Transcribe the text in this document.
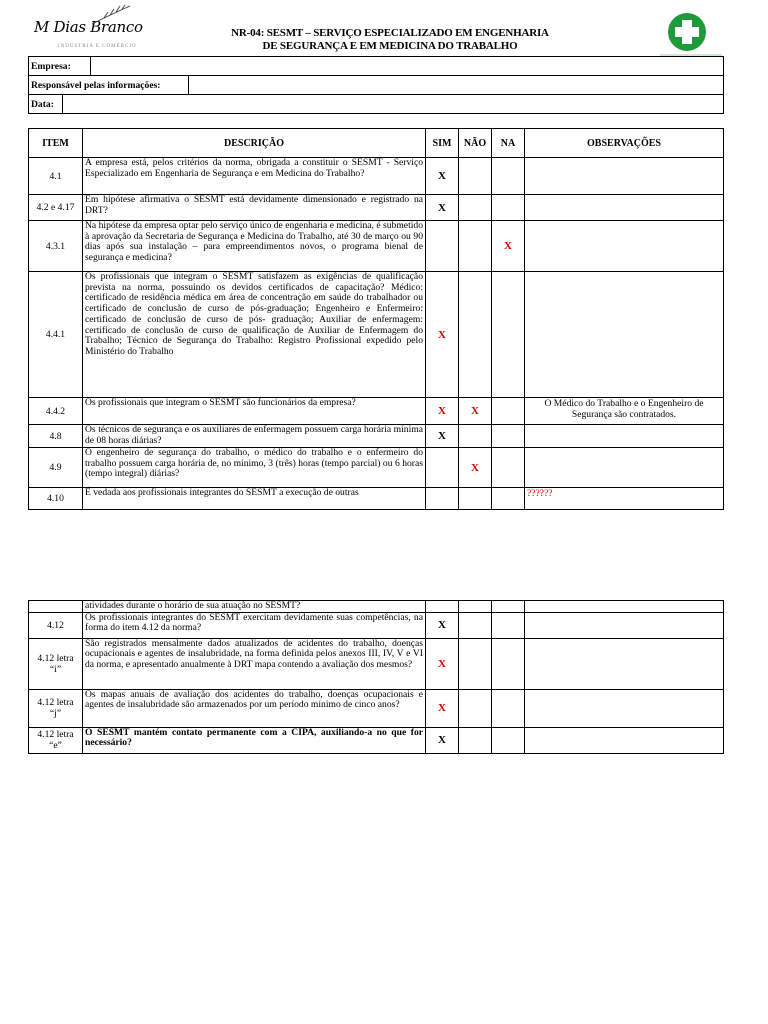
M Dias Branco
INDÚSTRIA E COMÉRCIO
NR-04: SESMT – SERVIÇO ESPECIALIZADO EM ENGENHARIA
DE SEGURANÇA E EM MEDICINA DO TRABALHO
Empresa:			
Responsável pelas informações:			
Data:			
ITEM	DESCRIÇÃO	SIM	NÃO	NA	OBSERVAÇÕES
4.1	A empresa está, pelos critérios da norma, obrigada a constituir o SESMT - Serviço Especializado em Engenharia de Segurança e em Medicina do Trabalho?	X			
4.2 e 4.17	Em hipótese afirmativa o SESMT está devidamente dimensionado e registrado na DRT?	X			
4.3.1	Na hipótese da empresa optar pelo serviço único de engenharia e medicina, é submetido à aprovação da Secretaria de Segurança e Medicina do Trabalho, até 30 de março ou 90 dias após sua instalação – para empreendimentos novos, o programa bienal de segurança e medicina?			X	
4.4.1	Os profissionais que integram o SESMT satisfazem as exigências de qualificação prevista na norma, possuindo os devidos certificados de capacitação? Médico: certificado de residência médica em área de concentração em saúde do trabalhador ou certificado de conclusão de curso de pós-graduação; Engenheiro e Enfermeiro: certificado de conclusão de curso de pós- graduação; Auxiliar de enfermagem: certificado de conclusão de curso de qualificação de Auxiliar de Enfermagem do Trabalho; Técnico de Segurança do Trabalho: Registro Profissional expedido pelo Ministério do Trabalho	X			
4.4.2	Os profissionais que integram o SESMT são funcionários da empresa?	X	X		O Médico do Trabalho e o Engenheiro de Segurança são contratados.
4.8	Os técnicos de segurança e os auxiliares de enfermagem possuem carga horária mínima de 08 horas diárias?	X			
4.9	O engenheiro de segurança do trabalho, o médico do trabalho e o enfermeiro do trabalho possuem carga horária de, no mínimo, 3 (três) horas (tempo parcial) ou 6 horas (tempo integral) diárias?		X		
4.10	É vedada aos profissionais integrantes do SESMT a execução de outras				??????
	atividades durante o horário de sua atuação no SESMT?				
4.12	Os profissionais integrantes do SESMT exercitam devidamente suas competências, na forma do item 4.12 da norma?	X			
4.12 letra “i”	São registrados mensalmente dados atualizados de acidentes do trabalho, doenças ocupacionais e agentes de insalubridade, na forma definida pelos anexos III, IV, V e VI da norma, e apresentado anualmente à DRT mapa contendo a avaliação dos mesmos?	X			
4.12 letra “j”	Os mapas anuais de avaliação dos acidentes do trabalho, doenças ocupacionais e agentes de insalubridade são armazenados por um período mínimo de cinco anos?	X			
4.12 letra “e”	O SESMT mantém contato permanente com a CIPA, auxiliando-a no que for necessário?	X			
